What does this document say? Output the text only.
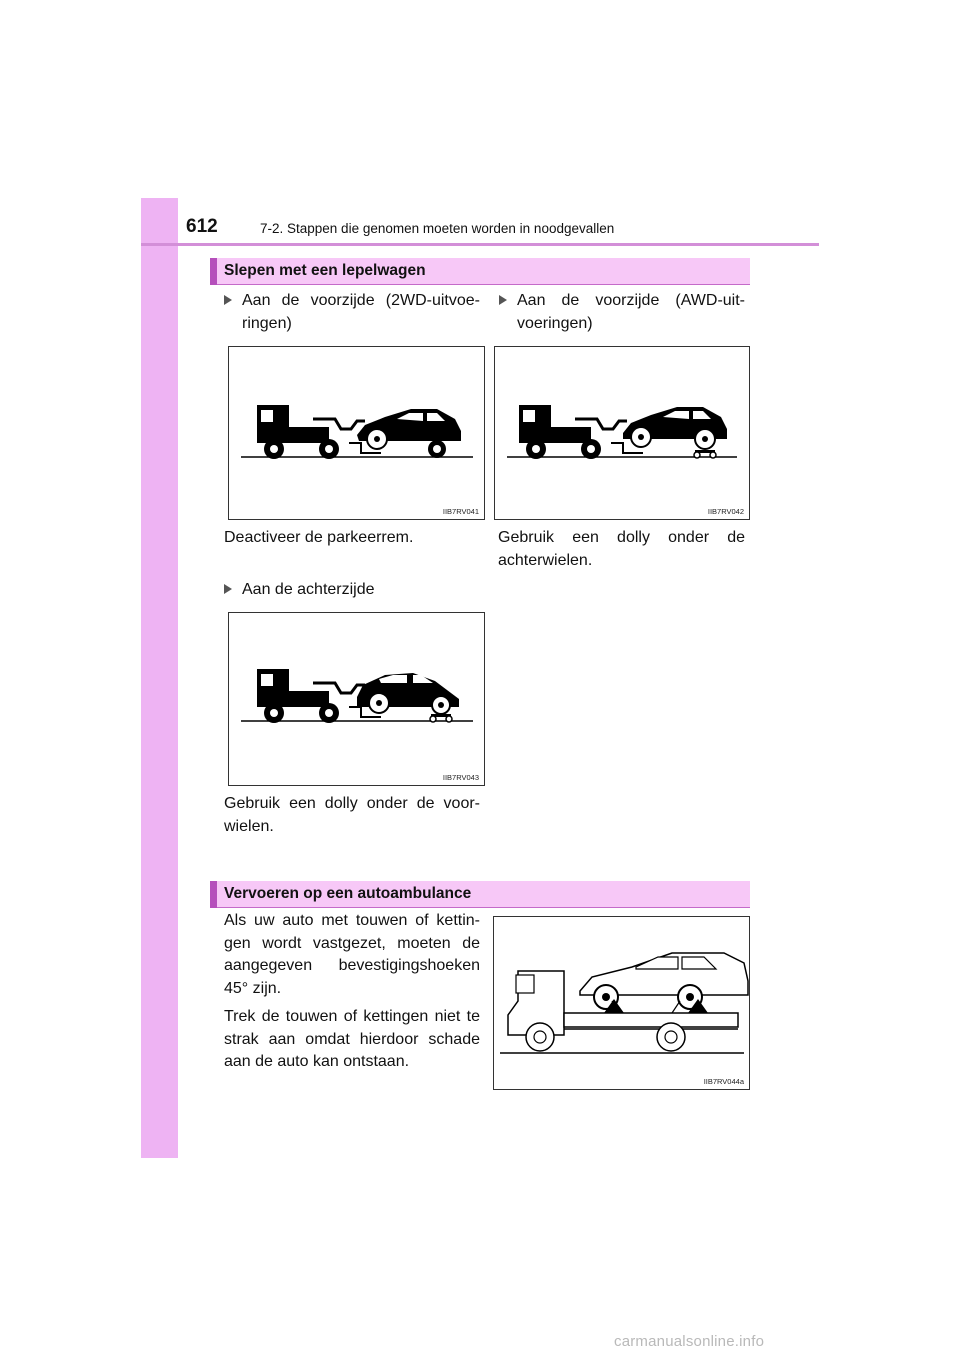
612	7-2. Stappen die genomen moeten worden in noodgevallen
Slepen met een lepelwagen
Aan de voorzijde (2WD-uitvoe-ringen)
Aan de voorzijde (AWD-uit-voeringen)
IIB7RV041	IIB7RV042
Deactiveer de parkeerrem.	Gebruik een dolly onder de achterwielen.
Aan de achterzijde
IIB7RV043
Gebruik een dolly onder de voor-wielen.
Vervoeren op een autoambulance
Als uw auto met touwen of kettin-gen wordt vastgezet, moeten de aangegeven bevestigingshoeken 45° zijn.
Trek de touwen of kettingen niet te strak aan omdat hierdoor schade aan de auto kan ontstaan.
IIB7RV044a
carmanualsonline.info
